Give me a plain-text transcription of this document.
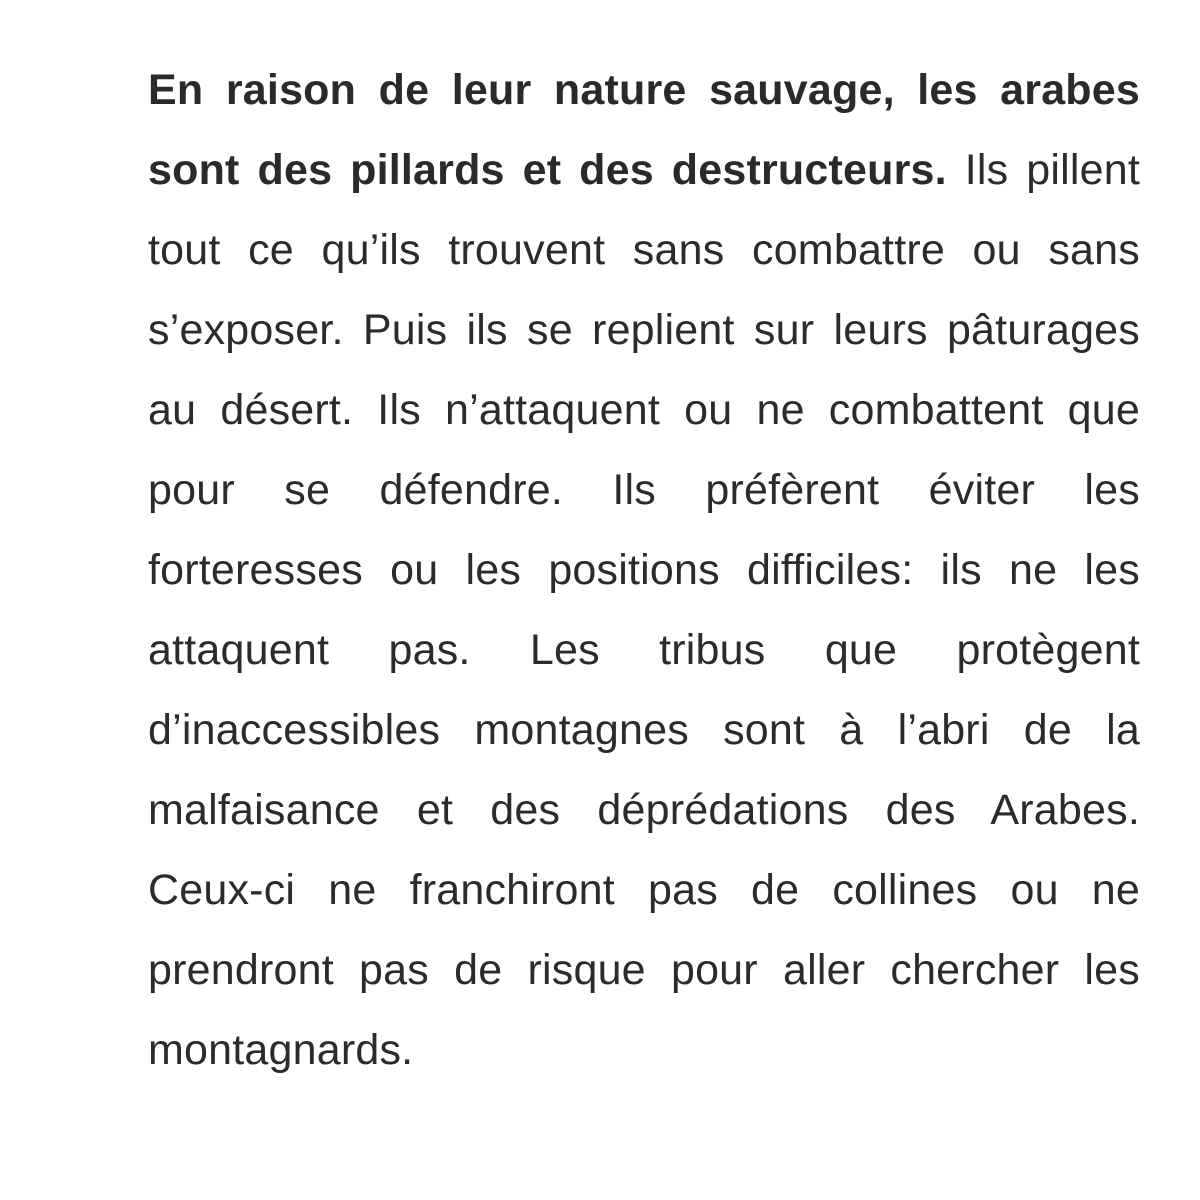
En raison de leur nature sauvage, les arabes sont des pillards et des destructeurs. Ils pillent tout ce qu’ils trouvent sans combattre ou sans s’exposer. Puis ils se replient sur leurs pâturages au désert. Ils n’attaquent ou ne combattent que pour se défendre. Ils préfèrent éviter les forteresses ou les positions difficiles: ils ne les attaquent pas. Les tribus que protègent d’inaccessibles montagnes sont à l’abri de la malfaisance et des déprédations des Arabes. Ceux-ci ne franchiront pas de collines ou ne prendront pas de risque pour aller chercher les montagnards.
